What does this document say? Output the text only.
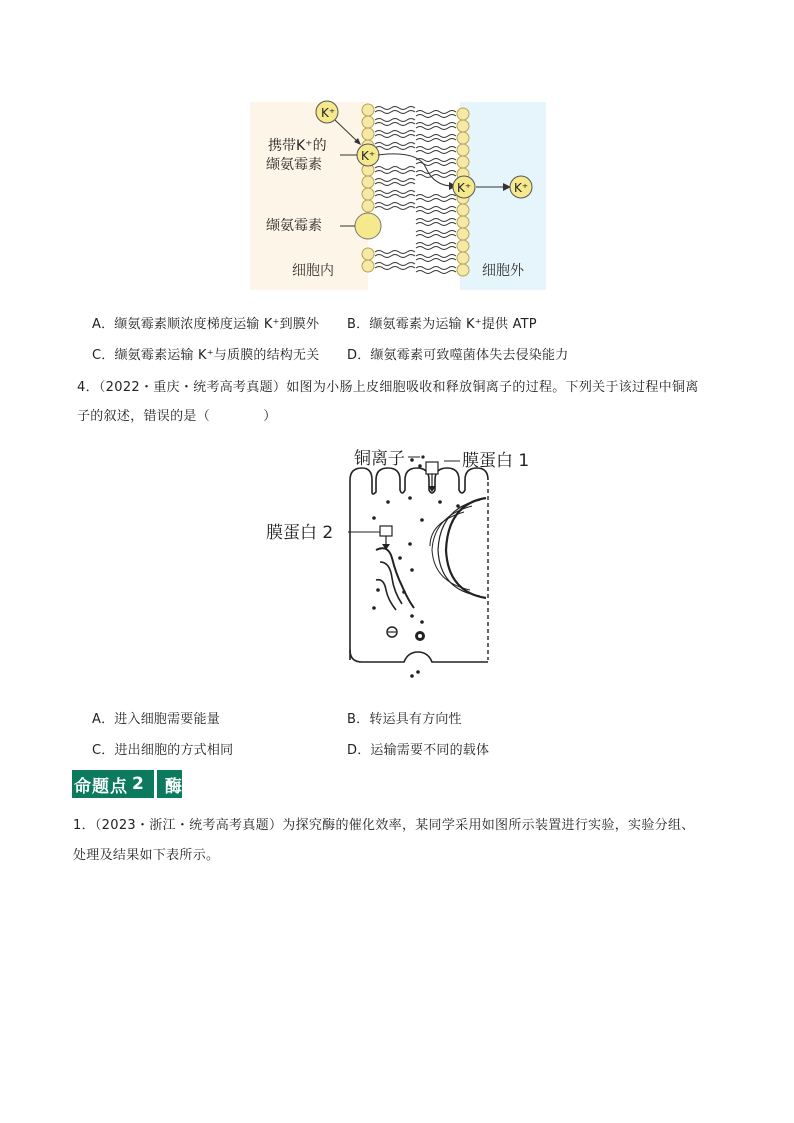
K⁺
K⁺
K⁺	K⁺
携带K⁺的
缬氨霉素
缬氨霉素
细胞内	细胞外
A．缬氨霉素顺浓度梯度运输 K⁺到膜外 B．缬氨霉素为运输 K⁺提供 ATP
C．缬氨霉素运输 K⁺与质膜的结构无关 D．缬氨霉素可致噬菌体失去侵染能力
4．（2022・重庆・统考高考真题）如图为小肠上皮细胞吸收和释放铜离子的过程。下列关于该过程中铜离
子的叙述，错误的是（　　　　）
铜离子	膜蛋白 1
膜蛋白 2
A．进入细胞需要能量	B．转运具有方向性
C．进出细胞的方式相同	D．运输需要不同的载体
命题点 2 酶
1．（2023・浙江・统考高考真题）为探究酶的催化效率，某同学采用如图所示装置进行实验，实验分组、
处理及结果如下表所示。
